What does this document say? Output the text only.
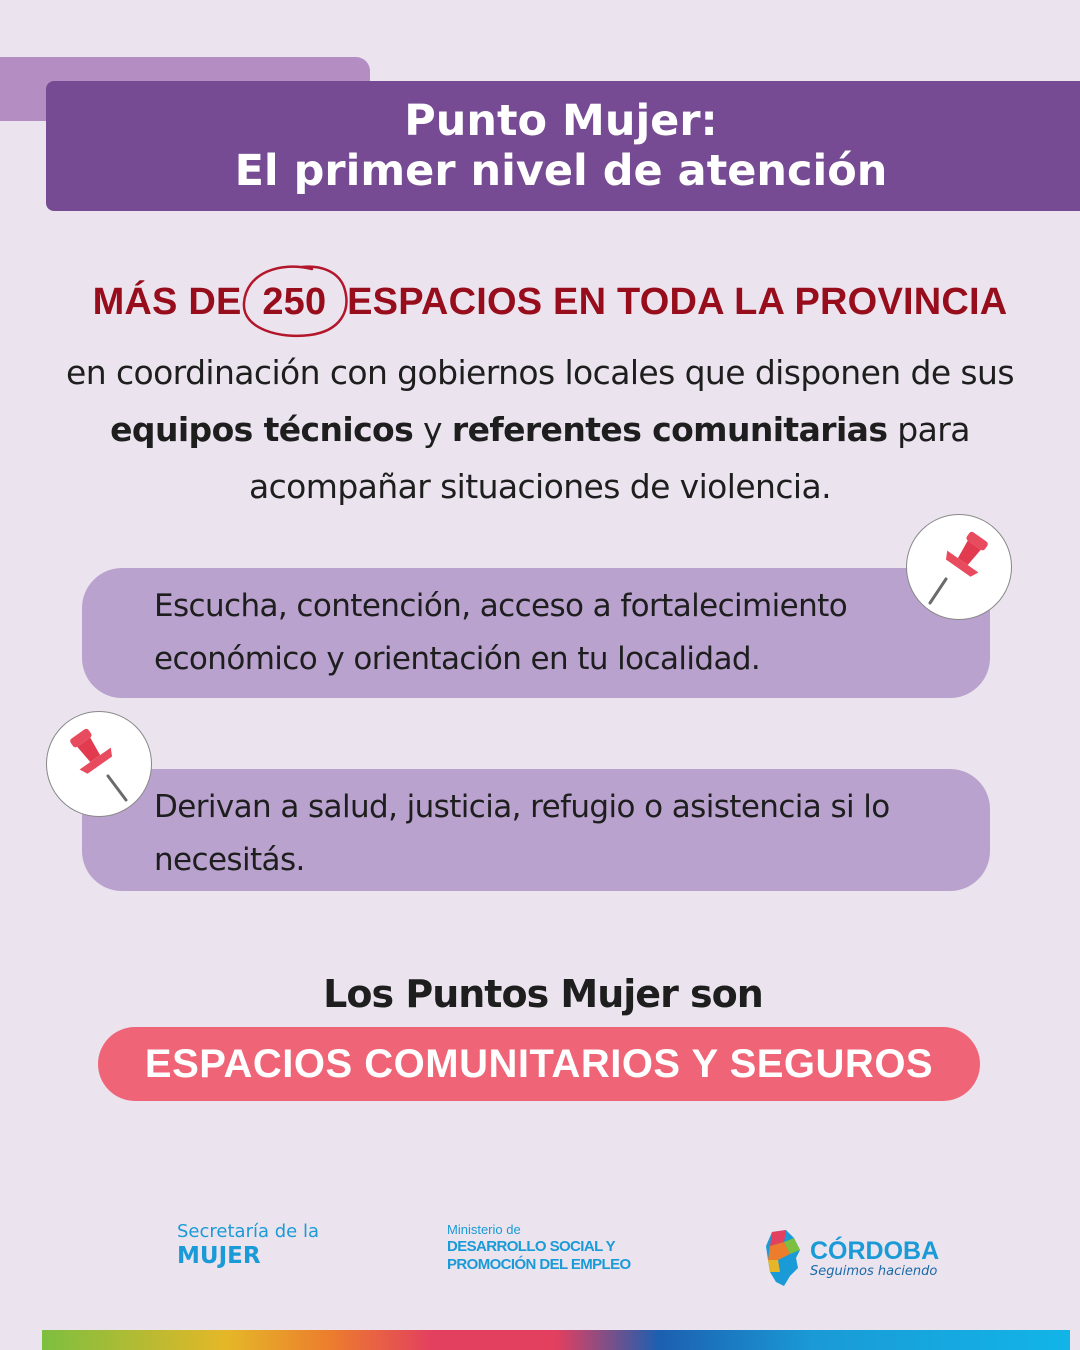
Punto Mujer:
El primer nivel de atención
MÁS DE 250 ESPACIOS EN TODA LA PROVINCIA
en coordinación con gobiernos locales que disponen de sus equipos técnicos y referentes comunitarias para acompañar situaciones de violencia.
Escucha, contención, acceso a fortalecimiento económico y orientación en tu localidad.
Derivan a salud, justicia, refugio o asistencia si lo necesitás.
Los Puntos Mujer son
ESPACIOS COMUNITARIOS Y SEGUROS
Secretaría de la
MUJER
Ministerio de
DESARROLLO SOCIAL Y
PROMOCIÓN DEL EMPLEO	CÓRDOBA
Seguimos haciendo
